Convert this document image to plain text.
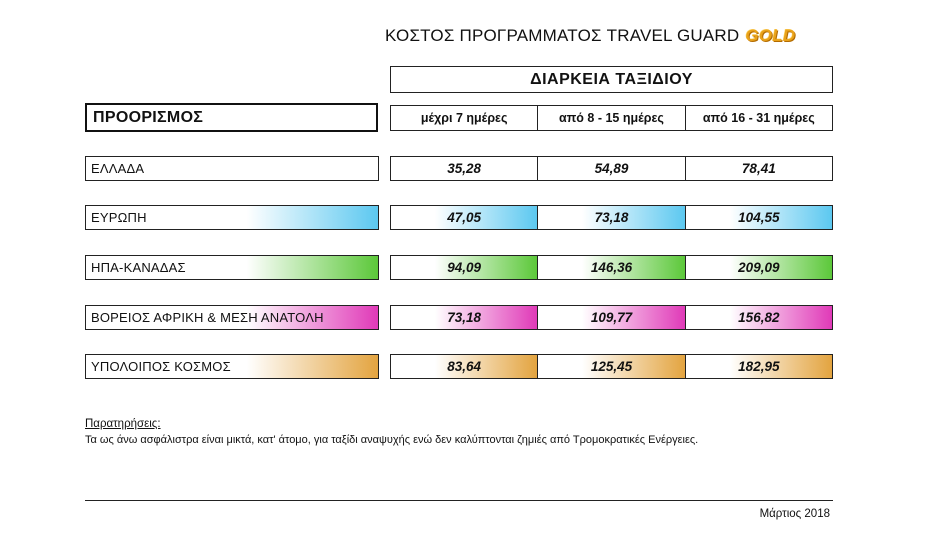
ΚΟΣΤΟΣ ΠΡΟΓΡΑΜΜΑΤΟΣ TRAVEL GUARD GOLD
ΔΙΑΡΚΕΙΑ ΤΑΞΙΔΙΟΥ
ΠΡΟΟΡΙΣΜΟΣ	μέχρι 7 ημέρες	από 8 - 15 ημέρες	από 16 - 31 ημέρες
ΕΛΛΑΔΑ	35,28	54,89	78,41
ΕΥΡΩΠΗ	47,05	73,18	104,55
ΗΠΑ-ΚΑΝΑΔΑΣ	94,09	146,36	209,09
ΒΟΡΕΙΟΣ ΑΦΡΙΚΗ & ΜΕΣΗ ΑΝΑΤΟΛΗ	73,18	109,77	156,82
ΥΠΟΛΟΙΠΟΣ ΚΟΣΜΟΣ	83,64	125,45	182,95
Παρατηρήσεις:
Τα ως άνω ασφάλιστρα είναι μικτά, κατ' άτομο, για ταξίδι αναψυχής ενώ δεν καλύπτονται ζημιές από Τρομοκρατικές Ενέργειες.
Μάρτιος 2018
